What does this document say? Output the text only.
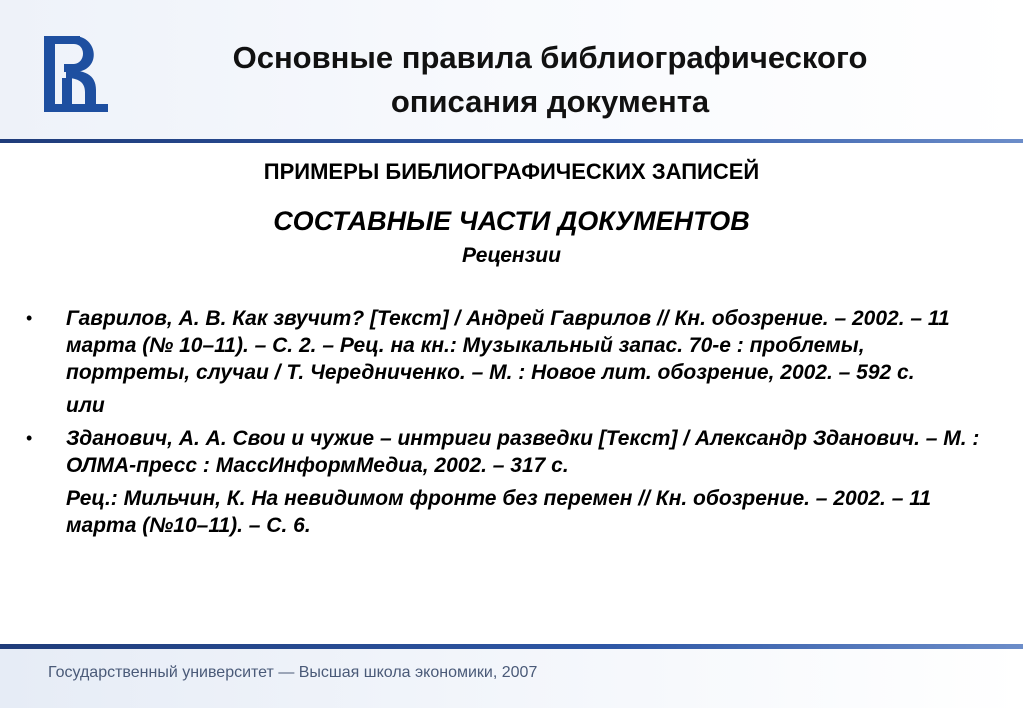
Основные правила библиографического
описания документа
ПРИМЕРЫ БИБЛИОГРАФИЧЕСКИХ ЗАПИСЕЙ
СОСТАВНЫЕ ЧАСТИ ДОКУМЕНТОВ
Рецензии
• Гаврилов, А. В. Как звучит? [Текст] / Андрей Гаврилов // Кн. обозрение. – 2002. – 11 марта (№ 10–11). – С. 2. – Рец. на кн.: Музыкальный запас. 70-е : проблемы, портреты, случаи / Т. Чередниченко. – М. : Новое лит. обозрение, 2002. – 592 с.
или
• Зданович, А. А. Свои и чужие – интриги разведки [Текст] / Александр Зданович. – М. : ОЛМА-пресс : МассИнформМедиа, 2002. – 317 с.
Рец.: Мильчин, К. На невидимом фронте без перемен // Кн. обозрение. – 2002. – 11 марта (№10–11). – С. 6.
Государственный университет — Высшая школа экономики, 2007
